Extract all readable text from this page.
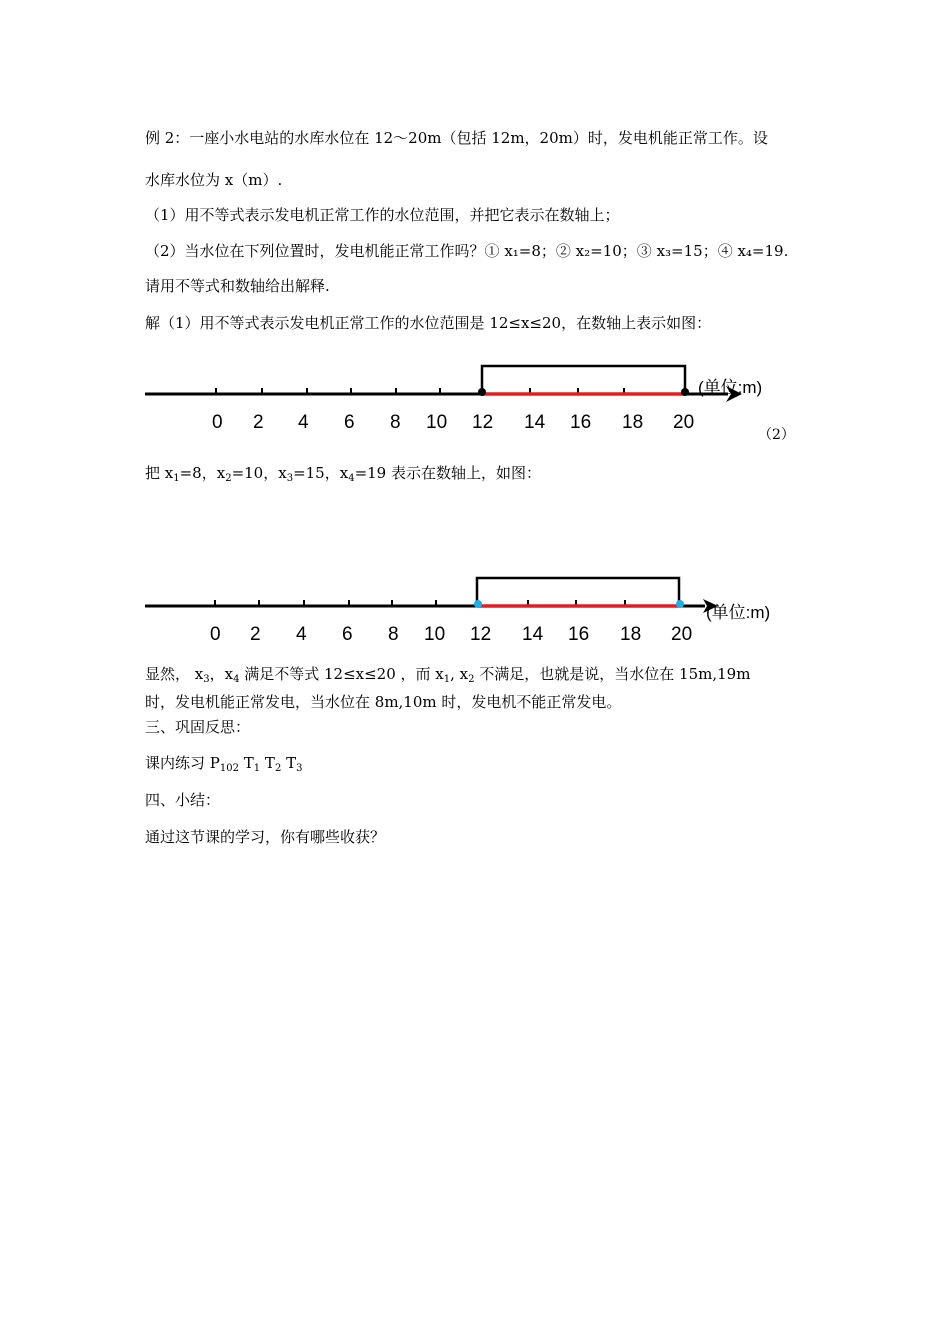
例 2：一座小水电站的水库水位在 12～20m（包括 12m，20m）时，发电机能正常工作。设
水库水位为 x（m）.
（1）用不等式表示发电机正常工作的水位范围，并把它表示在数轴上；
（2）当水位在下列位置时，发电机能正常工作吗？① x₁=8；② x₂=10；③ x₃=15；④ x₄=19.
请用不等式和数轴给出解释.
解（1）用不等式表示发电机正常工作的水位范围是 12≤x≤20，在数轴上表示如图：
(单位:m)
0 2 4 6 8 10 12 14 16 18 20
（2）
把 $x_1=8$，$x_2=10$，$x_3=15$，$x_4=19$ 表示在数轴上，如图：
(单位:m)
0 2 4 6 8 10 12 14 16 18 20
显然， $x_3$，$x_4$ 满足不等式 12≤x≤20 ，而 $x_1$, $x_2$ 不满足，也就是说，当水位在 15m,19m
时，发电机能正常发电，当水位在 8m,10m 时，发电机不能正常发电。
三、巩固反思：
课内练习 $P_{102}$ $T_1$ $T_2$ $T_3$
四、小结：
通过这节课的学习，你有哪些收获？
